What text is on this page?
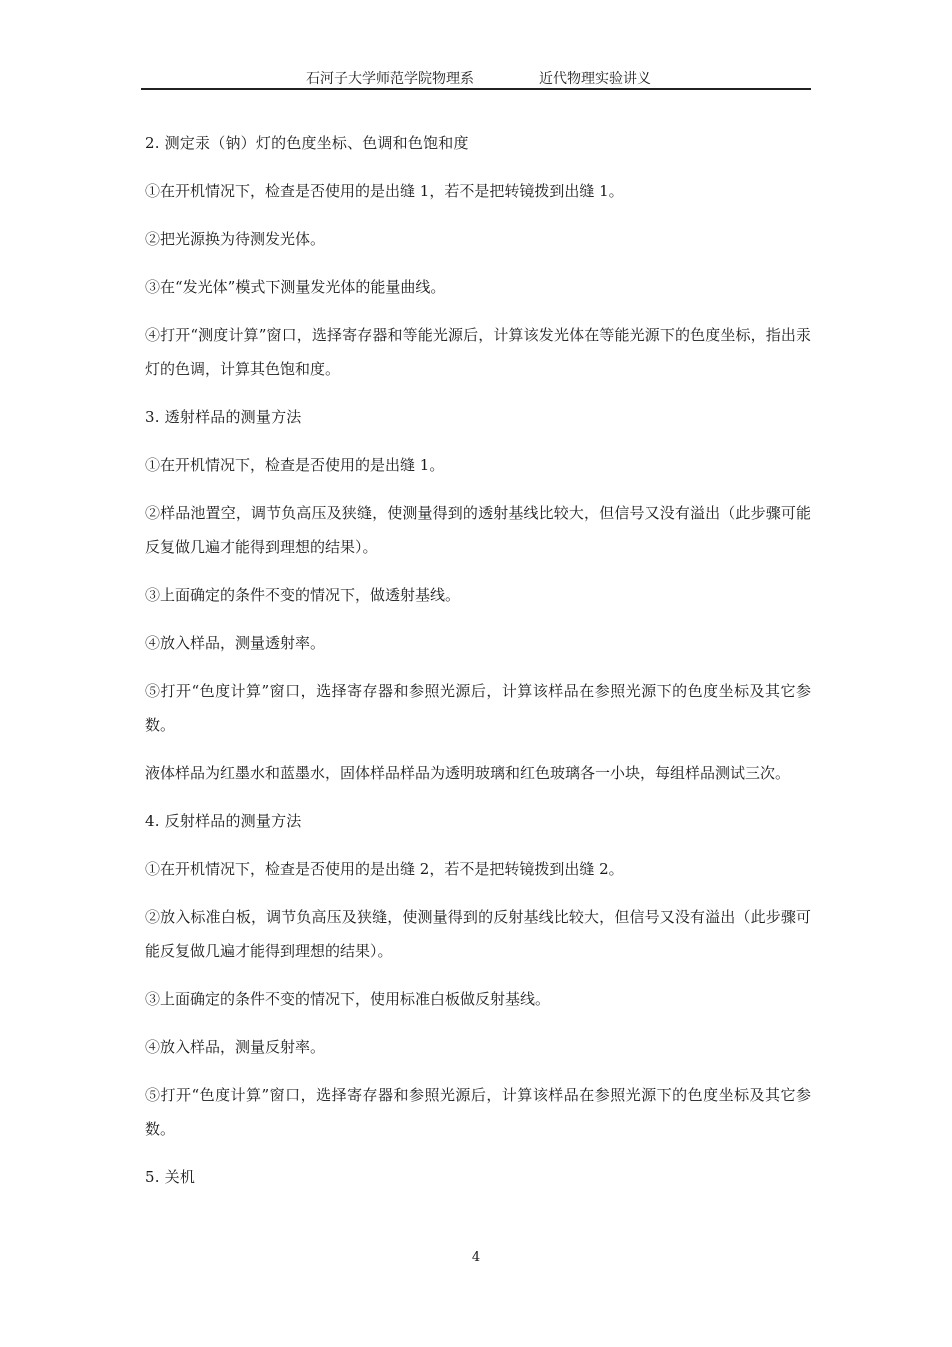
石河子大学师范学院物理系	近代物理实验讲义

2. 测定汞（钠）灯的色度坐标、色调和色饱和度

①在开机情况下，检查是否使用的是出缝 1，若不是把转镜拨到出缝 1。

②把光源换为待测发光体。

③在“发光体”模式下测量发光体的能量曲线。

④打开“测度计算”窗口，选择寄存器和等能光源后，计算该发光体在等能光源下的色度坐标，指出汞灯的色调，计算其色饱和度。

3. 透射样品的测量方法

①在开机情况下，检查是否使用的是出缝 1。

②样品池置空，调节负高压及狭缝，使测量得到的透射基线比较大，但信号又没有溢出（此步骤可能反复做几遍才能得到理想的结果）。

③上面确定的条件不变的情况下，做透射基线。

④放入样品，测量透射率。

⑤打开“色度计算”窗口，选择寄存器和参照光源后，计算该样品在参照光源下的色度坐标及其它参数。

液体样品为红墨水和蓝墨水，固体样品样品为透明玻璃和红色玻璃各一小块，每组样品测试三次。

4. 反射样品的测量方法

①在开机情况下，检查是否使用的是出缝 2，若不是把转镜拨到出缝 2。

②放入标准白板，调节负高压及狭缝，使测量得到的反射基线比较大，但信号又没有溢出（此步骤可能反复做几遍才能得到理想的结果）。

③上面确定的条件不变的情况下，使用标准白板做反射基线。

④放入样品，测量反射率。

⑤打开“色度计算”窗口，选择寄存器和参照光源后，计算该样品在参照光源下的色度坐标及其它参数。

5. 关机

4
